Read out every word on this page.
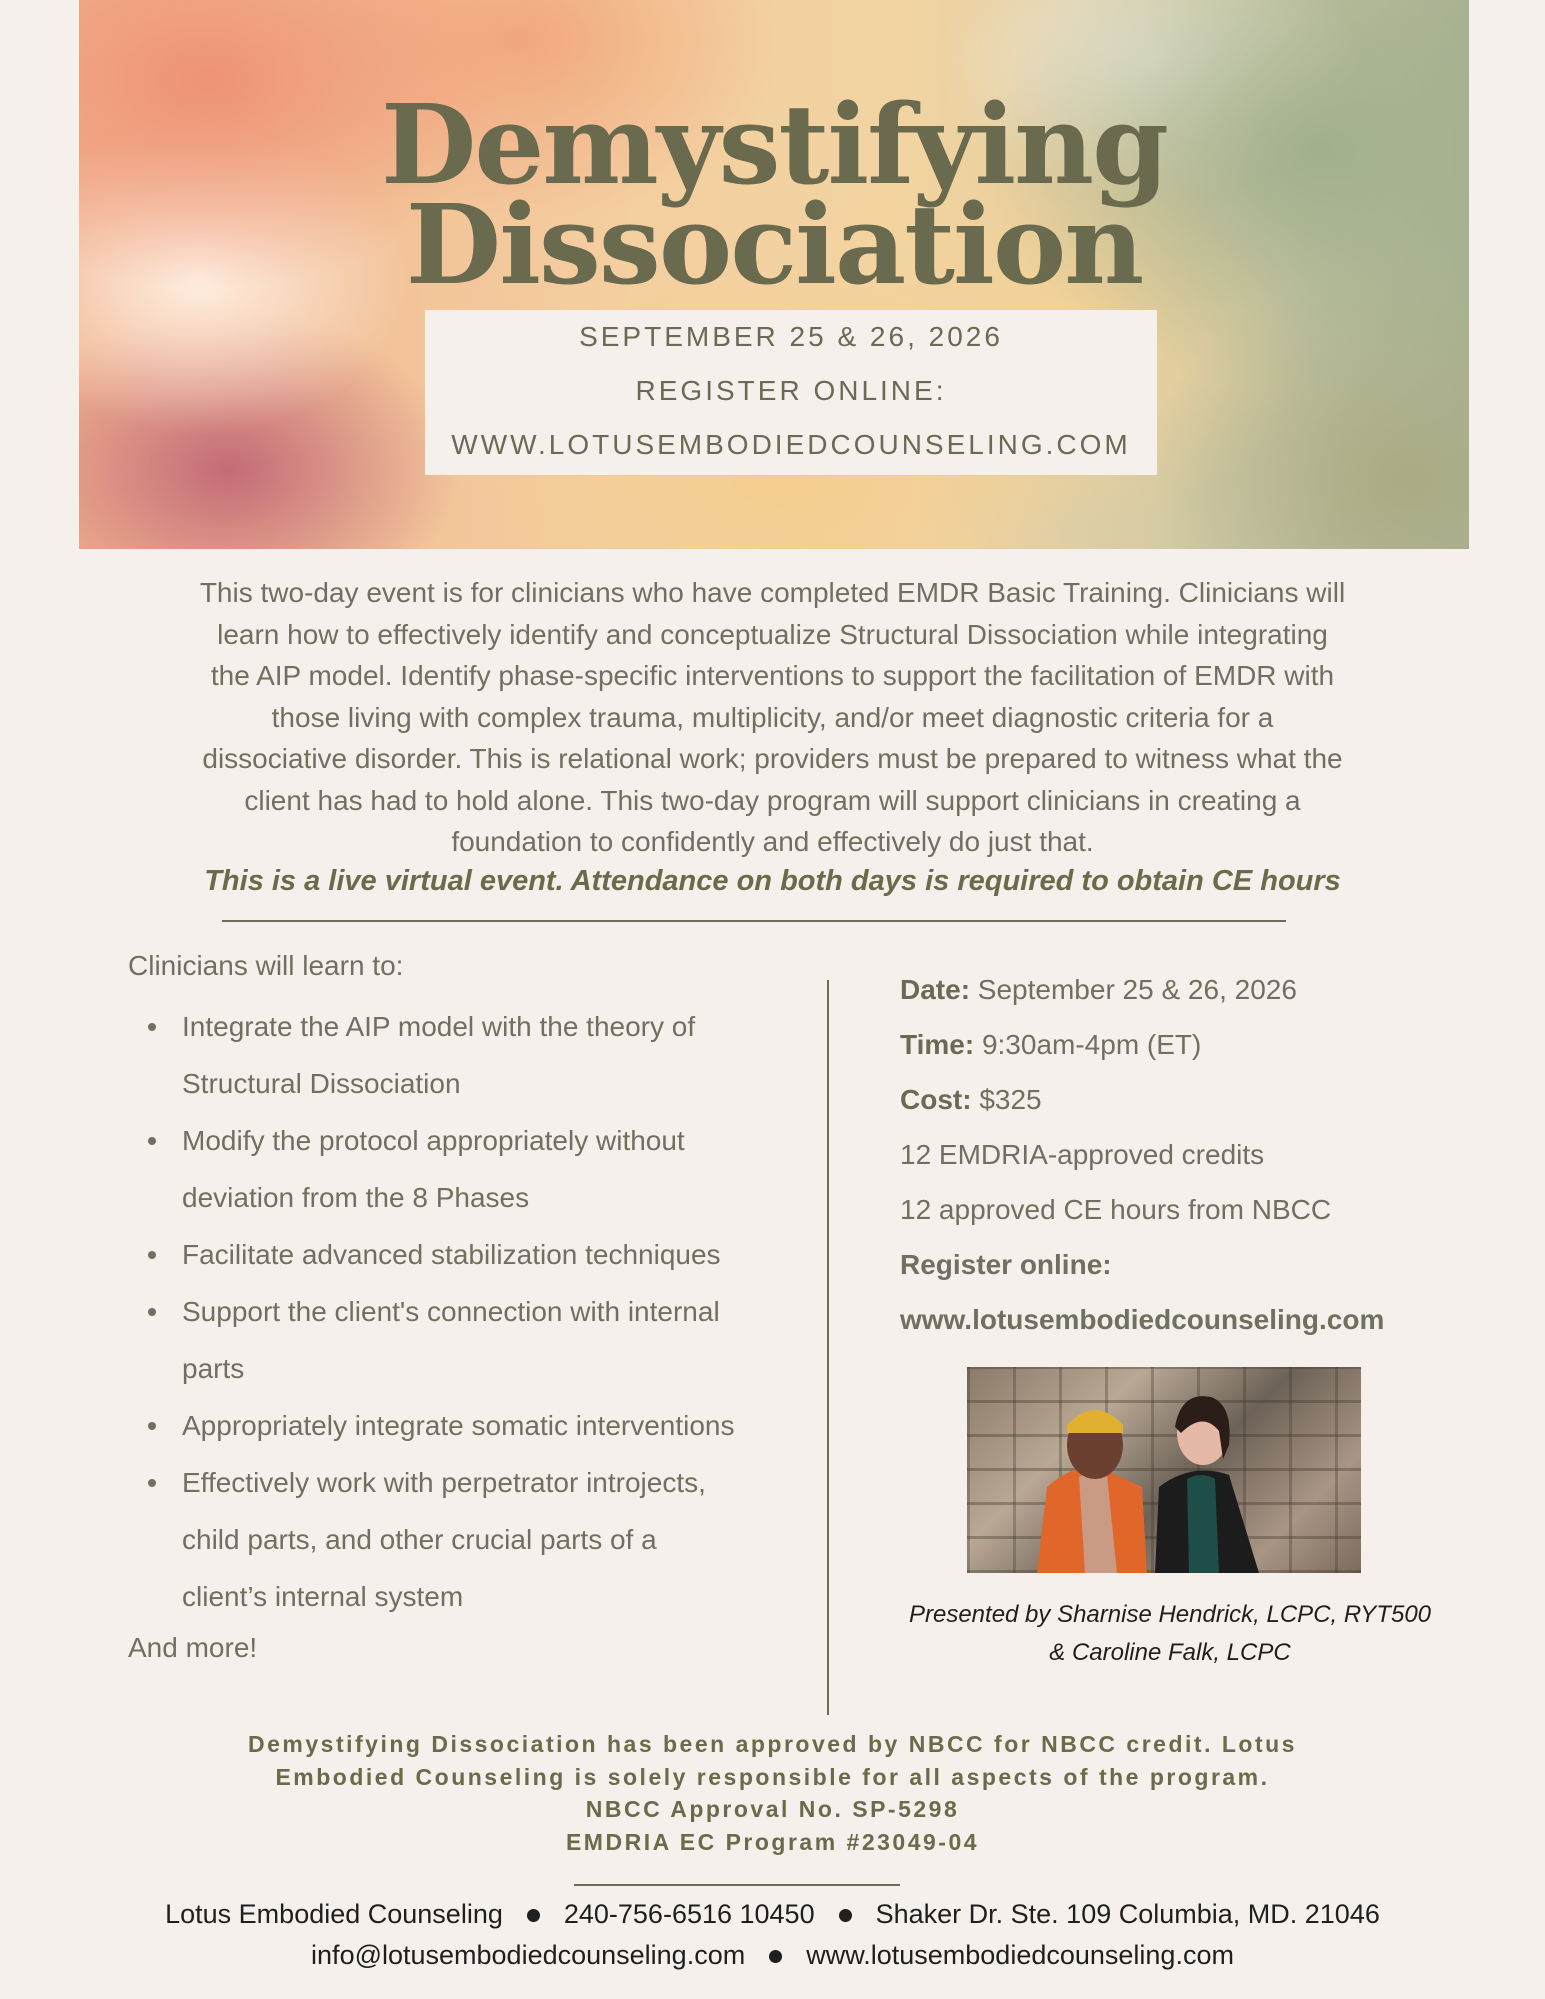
Demystifying
Dissociation
SEPTEMBER 25 & 26, 2026
REGISTER ONLINE:
WWW.LOTUSEMBODIEDCOUNSELING.COM

This two-day event is for clinicians who have completed EMDR Basic Training. Clinicians will
learn how to effectively identify and conceptualize Structural Dissociation while integrating
the AIP model. Identify phase-specific interventions to support the facilitation of EMDR with
those living with complex trauma, multiplicity, and/or meet diagnostic criteria for a
dissociative disorder. This is relational work; providers must be prepared to witness what the
client has had to hold alone. This two-day program will support clinicians in creating a
foundation to confidently and effectively do just that.

This is a live virtual event. Attendance on both days is required to obtain CE hours

Clinicians will learn to:
Integrate the AIP model with the theory of
Structural Dissociation
Modify the protocol appropriately without
deviation from the 8 Phases
Facilitate advanced stabilization techniques
Support the client's connection with internal
parts
Appropriately integrate somatic interventions
Effectively work with perpetrator introjects,
child parts, and other crucial parts of a
client’s internal system
And more!
Date: September 25 & 26, 2026
Time: 9:30am-4pm (ET)
Cost: $325
12 EMDRIA-approved credits
12 approved CE hours from NBCC
Register online:
www.lotusembodiedcounseling.com
Presented by Sharnise Hendrick, LCPC, RYT500
& Caroline Falk, LCPC
Demystifying Dissociation has been approved by NBCC for NBCC credit. Lotus
Embodied Counseling is solely responsible for all aspects of the program.
NBCC Approval No. SP-5298
EMDRIA EC Program #23049-04
Lotus Embodied Counseling 240-756-6516 10450 Shaker Dr. Ste. 109 Columbia, MD. 21046
info@lotusembodiedcounseling.com www.lotusembodiedcounseling.com
